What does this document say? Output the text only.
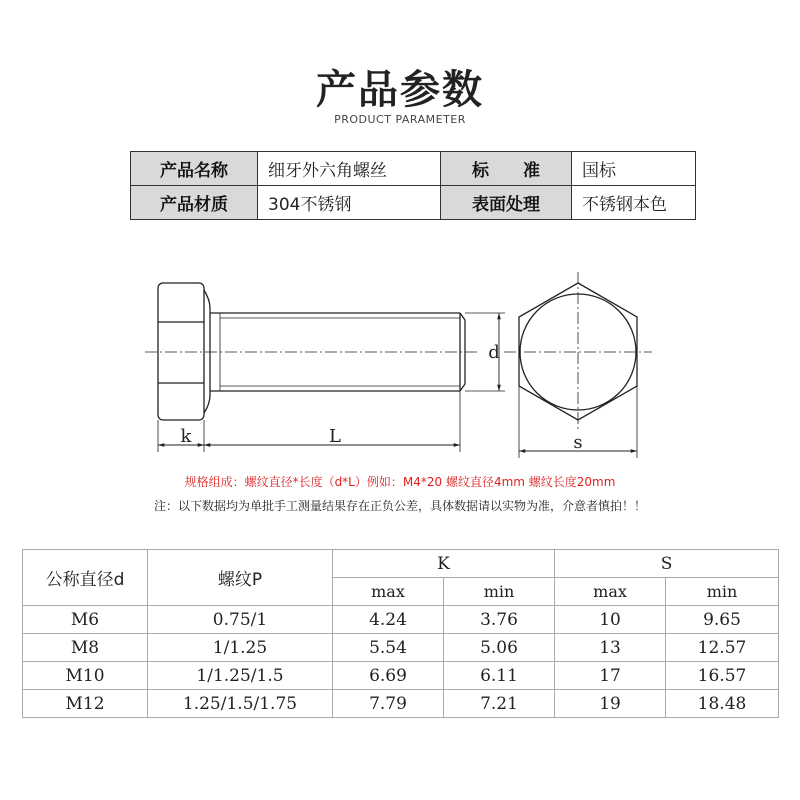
产品参数
PRODUCT PARAMETER
产品名称	细牙外六角螺丝	标 准	国标
产品材质	304不锈钢	表面处理	不锈钢本色
k	L
d
s
规格组成：螺纹直径*长度（d*L）例如：M4*20 螺纹直径4mm 螺纹长度20mm
注：以下数据均为单批手工测量结果存在正负公差，具体数据请以实物为准，介意者慎拍！！
公称直径d	螺纹P	K		S	
		max	min	max	min
M6	0.75/1	4.24	3.76	10	9.65
M8	1/1.25	5.54	5.06	13	12.57
M10	1/1.25/1.5	6.69	6.11	17	16.57
M12	1.25/1.5/1.75	7.79	7.21	19	18.48
